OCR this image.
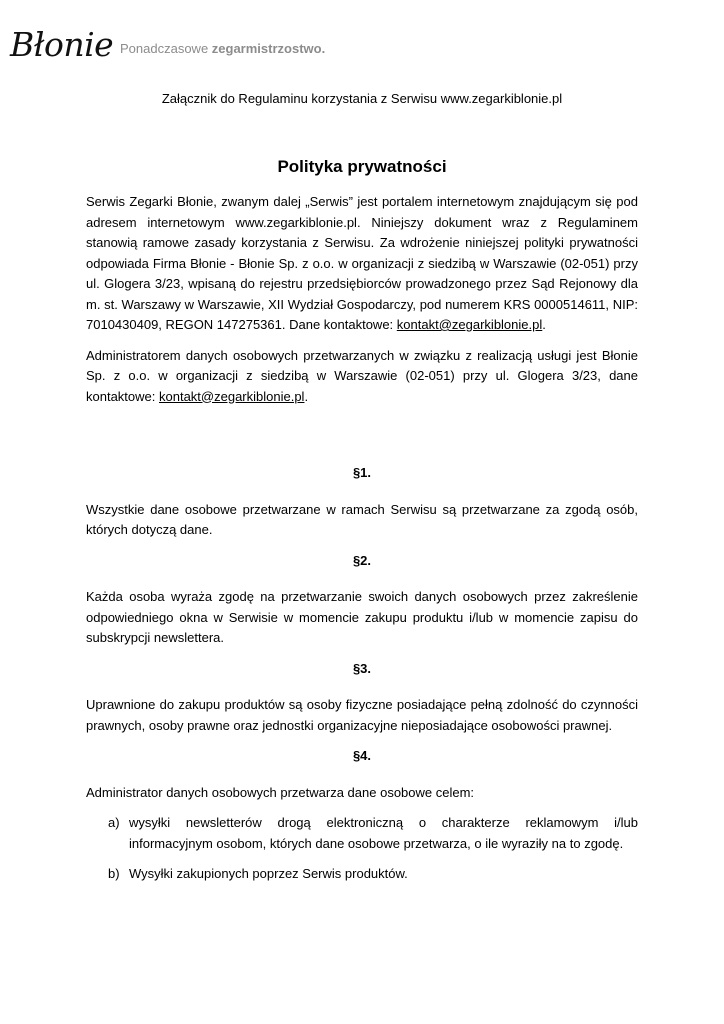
Błonie Ponadczasowe zegarmistrzostwo.
Załącznik do Regulaminu korzystania z Serwisu www.zegarkiblonie.pl
Polityka prywatności

Serwis Zegarki Błonie, zwanym dalej „Serwis” jest portalem internetowym znajdującym się pod adresem internetowym www.zegarkiblonie.pl. Niniejszy dokument wraz z Regulaminem stanowią ramowe zasady korzystania z Serwisu. Za wdrożenie niniejszej polityki prywatności odpowiada Firma Błonie - Błonie Sp. z o.o. w organizacji z siedzibą w Warszawie (02-051) przy ul. Glogera 3/23, wpisaną do rejestru przedsiębiorców prowadzonego przez Sąd Rejonowy dla m. st. Warszawy w Warszawie, XII Wydział Gospodarczy, pod numerem KRS 0000514611, NIP: 7010430409, REGON 147275361. Dane kontaktowe: kontakt@zegarkiblonie.pl.

Administratorem danych osobowych przetwarzanych w związku z realizacją usługi jest Błonie Sp. z o.o. w organizacji z siedzibą w Warszawie (02-051) przy ul. Glogera 3/23, dane kontaktowe: kontakt@zegarkiblonie.pl.

§1.

Wszystkie dane osobowe przetwarzane w ramach Serwisu są przetwarzane za zgodą osób, których dotyczą dane.

§2.

Każda osoba wyraża zgodę na przetwarzanie swoich danych osobowych przez zakreślenie odpowiedniego okna w Serwisie w momencie zakupu produktu i/lub w momencie zapisu do subskrypcji newslettera.

§3.

Uprawnione do zakupu produktów są osoby fizyczne posiadające pełną zdolność do czynności prawnych, osoby prawne oraz jednostki organizacyjne nieposiadające osobowości prawnej.

§4.

Administrator danych osobowych przetwarza dane osobowe celem:

a) wysyłki newsletterów drogą elektroniczną o charakterze reklamowym i/lub informacyjnym osobom, których dane osobowe przetwarza, o ile wyraziły na to zgodę.
b) Wysyłki zakupionych poprzez Serwis produktów.
